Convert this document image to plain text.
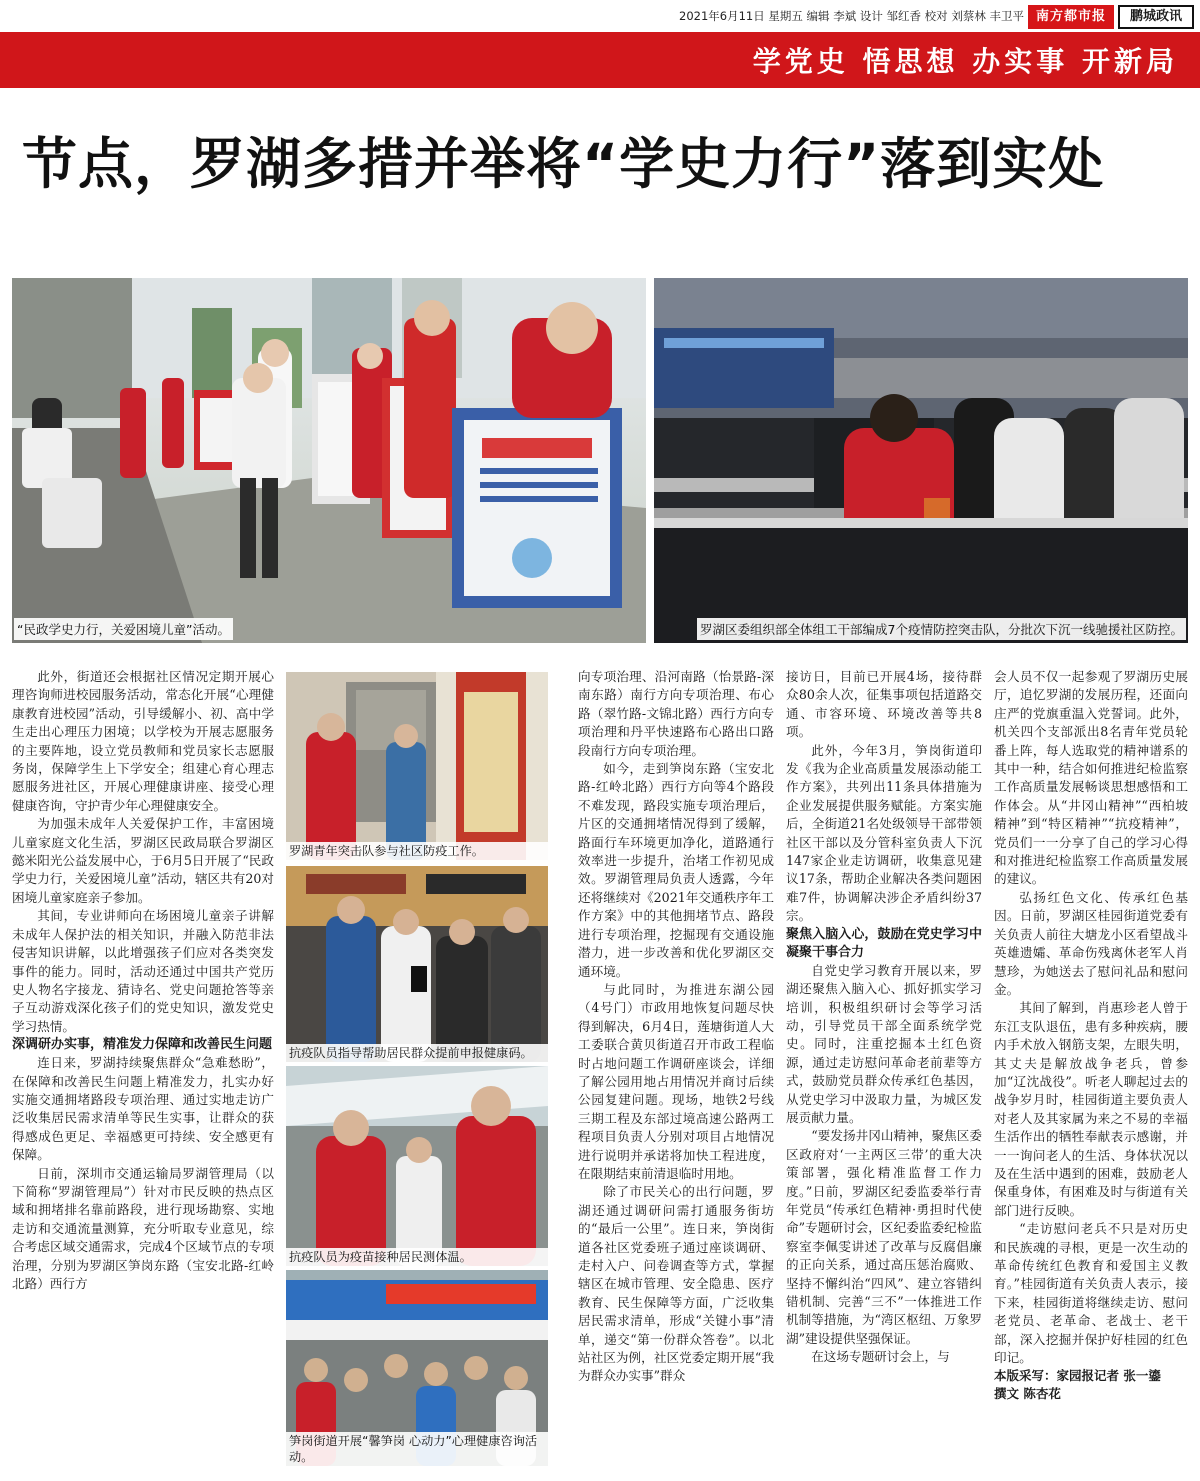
2021年6月11日 星期五 编辑 李斌 设计 邹红香 校对 刘蔡林 丰卫平 南方都市报	鹏城政讯
学党史 悟思想 办实事 开新局
节点，罗湖多措并举将“学史力行”落到实处
“民政学史力行，关爱困境儿童”活动。	罗湖区委组织部全体组工干部编成7个疫情防控突击队，分批次下沉一线驰援社区防控。

此外，街道还会根据社区情况定期开展心理咨询师进校园服务活动，常态化开展“心理健康教育进校园”活动，引导缓解小、初、高中学生走出心理压力困境；以学校为开展志愿服务的主要阵地，设立党员教师和党员家长志愿服务岗，保障学生上下学安全；组建心育心理志愿服务进社区，开展心理健康讲座、接受心理健康咨询，守护青少年心理健康安全。

为加强未成年人关爱保护工作，丰富困境儿童家庭文化生活，罗湖区民政局联合罗湖区懿米阳光公益发展中心，于6月5日开展了“民政学史力行，关爱困境儿童”活动，辖区共有20对困境儿童家庭亲子参加。

其间，专业讲师向在场困境儿童亲子讲解未成年人保护法的相关知识，并融入防范非法侵害知识讲解，以此增强孩子们应对各类突发事件的能力。同时，活动还通过中国共产党历史人物名字接龙、猜诗名、党史问题抢答等亲子互动游戏深化孩子们的党史知识，激发党史学习热情。

深调研办实事，精准发力保障和改善民生问题

连日来，罗湖持续聚焦群众“急难愁盼”，在保障和改善民生问题上精准发力，扎实办好实施交通拥堵路段专项治理、通过实地走访广泛收集居民需求清单等民生实事，让群众的获得感成色更足、幸福感更可持续、安全感更有保障。

日前，深圳市交通运输局罗湖管理局（以下简称“罗湖管理局”）针对市民反映的热点区域和拥堵排名靠前路段，进行现场勘察、实地走访和交通流量测算，充分听取专业意见，综合考虑区域交通需求，完成4个区域节点的专项治理，分别为罗湖区笋岗东路（宝安北路-红岭北路）西行方

罗湖青年突击队参与社区防疫工作。
抗疫队员指导帮助居民群众提前申报健康码。
抗疫队员为疫苗接种居民测体温。
笋岗街道开展“馨笋岗 心动力”心理健康咨询活动。

向专项治理、沿河南路（怡景路-深南东路）南行方向专项治理、布心路（翠竹路-文锦北路）西行方向专项治理和丹平快速路布心路出口路段南行方向专项治理。

如今，走到笋岗东路（宝安北路-红岭北路）西行方向等4个路段不难发现，路段实施专项治理后，片区的交通拥堵情况得到了缓解，路面行车环境更加净化，道路通行效率进一步提升，治堵工作初见成效。罗湖管理局负责人透露，今年还将继续对《2021年交通秩序年工作方案》中的其他拥堵节点、路段进行专项治理，挖掘现有交通设施潜力，进一步改善和优化罗湖区交通环境。

与此同时，为推进东湖公园（4号门）市政用地恢复问题尽快得到解决，6月4日，莲塘街道人大工委联合黄贝街道召开市政工程临时占地问题工作调研座谈会，详细了解公园用地占用情况并商讨后续公园复建问题。现场，地铁2号线三期工程及东部过境高速公路两工程项目负责人分别对项目占地情况进行说明并承诺将加快工程进度，在限期结束前清退临时用地。

除了市民关心的出行问题，罗湖还通过调研问需打通服务街坊的“最后一公里”。连日来，笋岗街道各社区党委班子通过座谈调研、走村入户、问卷调查等方式，掌握辖区在城市管理、安全隐患、医疗教育、民生保障等方面，广泛收集居民需求清单，形成“关键小事”清单，递交“第一份群众答卷”。以北站社区为例，社区党委定期开展“我为群众办实事”群众

接访日，目前已开展4场，接待群众80余人次，征集事项包括道路交通、市容环境、环境改善等共8项。

此外，今年3月，笋岗街道印发《我为企业高质量发展添动能工作方案》，共列出11条具体措施为企业发展提供服务赋能。方案实施后，全街道21名处级领导干部带领社区干部以及分管科室负责人下沉147家企业走访调研，收集意见建议17条，帮助企业解决各类问题困难7件，协调解决涉企矛盾纠纷37宗。

聚焦入脑入心，鼓励在党史学习中凝聚干事合力

自党史学习教育开展以来，罗湖还聚焦入脑入心、抓好抓实学习培训，积极组织研讨会等学习活动，引导党员干部全面系统学党史。同时，注重挖掘本土红色资源，通过走访慰问革命老前辈等方式，鼓励党员群众传承红色基因，从党史学习中汲取力量，为城区发展贡献力量。

“要发扬井冈山精神，聚焦区委区政府对‘一主两区三带’的重大决策部署，强化精准监督工作力度。”日前，罗湖区纪委监委举行青年党员“传承红色精神·勇担时代使命”专题研讨会，区纪委监委纪检监察室李佩雯讲述了改革与反腐倡廉的正向关系，通过高压惩治腐败、坚持不懈纠治“四风”、建立容错纠错机制、完善“三不”一体推进工作机制等措施，为“湾区枢纽、万象罗湖”建设提供坚强保证。

在这场专题研讨会上，与

会人员不仅一起参观了罗湖历史展厅，追忆罗湖的发展历程，还面向庄严的党旗重温入党誓词。此外，机关四个支部派出8名青年党员轮番上阵，每人选取党的精神谱系的其中一种，结合如何推进纪检监察工作高质量发展畅谈思想感悟和工作体会。从“井冈山精神”“西柏坡精神”到“特区精神”“抗疫精神”，党员们一一分享了自己的学习心得和对推进纪检监察工作高质量发展的建议。

弘扬红色文化、传承红色基因。日前，罗湖区桂园街道党委有关负责人前往大塘龙小区看望战斗英雄遗孀、革命伤残离休老军人肖慧珍，为她送去了慰问礼品和慰问金。

其间了解到，肖惠珍老人曾于东江支队退伍，患有多种疾病，腰内手术放入钢筋支架，左眼失明，其丈夫是解放战争老兵，曾参加“辽沈战役”。听老人聊起过去的战争岁月时，桂园街道主要负责人对老人及其家属为来之不易的幸福生活作出的牺牲奉献表示感谢，并一一询问老人的生活、身体状况以及在生活中遇到的困难，鼓励老人保重身体，有困难及时与街道有关部门进行反映。

“走访慰问老兵不只是对历史和民族魂的寻根，更是一次生动的革命传统红色教育和爱国主义教育。”桂园街道有关负责人表示，接下来，桂园街道将继续走访、慰问老党员、老革命、老战士、老干部，深入挖掘并保护好桂园的红色印记。

本版采写：家园报记者 张一鎏

撰文 陈杏花
